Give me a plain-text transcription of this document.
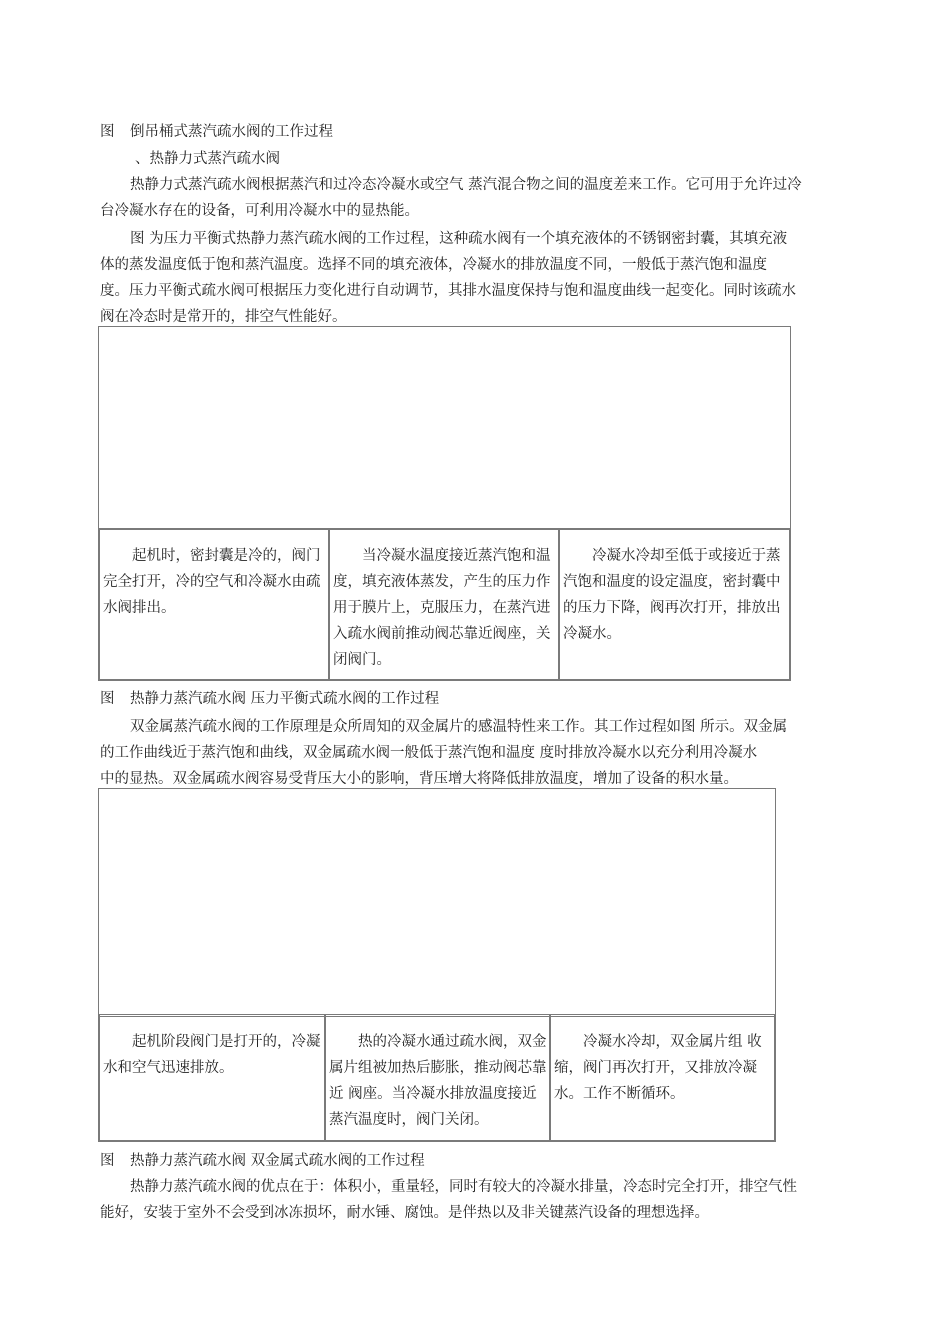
图 倒吊桶式蒸汽疏水阀的工作过程
、热静力式蒸汽疏水阀
热静力式蒸汽疏水阀根据蒸汽和过冷态冷凝水或空气 蒸汽混合物之间的温度差来工作。它可用于允许过冷
台冷凝水存在的设备，可利用冷凝水中的显热能。
图 为压力平衡式热静力蒸汽疏水阀的工作过程，这种疏水阀有一个填充液体的不锈钢密封囊，其填充液
体的蒸发温度低于饱和蒸汽温度。选择不同的填充液体，冷凝水的排放温度不同，一般低于蒸汽饱和温度
度。压力平衡式疏水阀可根据压力变化进行自动调节，其排水温度保持与饱和温度曲线一起变化。同时该疏水
阀在冷态时是常开的，排空气性能好。
起机时，密封囊是冷的，阀门完全打开，冷的空气和冷凝水由疏水阀排出。
当冷凝水温度接近蒸汽饱和温度，填充液体蒸发，产生的压力作用于膜片上，克服压力，在蒸汽进入疏水阀前推动阀芯靠近阀座，关闭阀门。
冷凝水冷却至低于或接近于蒸汽饱和温度的设定温度，密封囊中的压力下降，阀再次打开，排放出冷凝水。
图 热静力蒸汽疏水阀 压力平衡式疏水阀的工作过程
双金属蒸汽疏水阀的工作原理是众所周知的双金属片的感温特性来工作。其工作过程如图 所示。双金属
的工作曲线近于蒸汽饱和曲线，双金属疏水阀一般低于蒸汽饱和温度 度时排放冷凝水以充分利用冷凝水
中的显热。双金属疏水阀容易受背压大小的影响，背压增大将降低排放温度，增加了设备的积水量。
起机阶段阀门是打开的，冷凝水和空气迅速排放。
热的冷凝水通过疏水阀，双金属片组被加热后膨胀，推动阀芯靠近 阀座。当冷凝水排放温度接近蒸汽温度时，阀门关闭。
冷凝水冷却，双金属片组 收缩，阀门再次打开，又排放冷凝水。工作不断循环。
图 热静力蒸汽疏水阀 双金属式疏水阀的工作过程
热静力蒸汽疏水阀的优点在于：体积小，重量轻，同时有较大的冷凝水排量，冷态时完全打开，排空气性
能好，安装于室外不会受到冰冻损坏，耐水锤、腐蚀。是伴热以及非关键蒸汽设备的理想选择。
